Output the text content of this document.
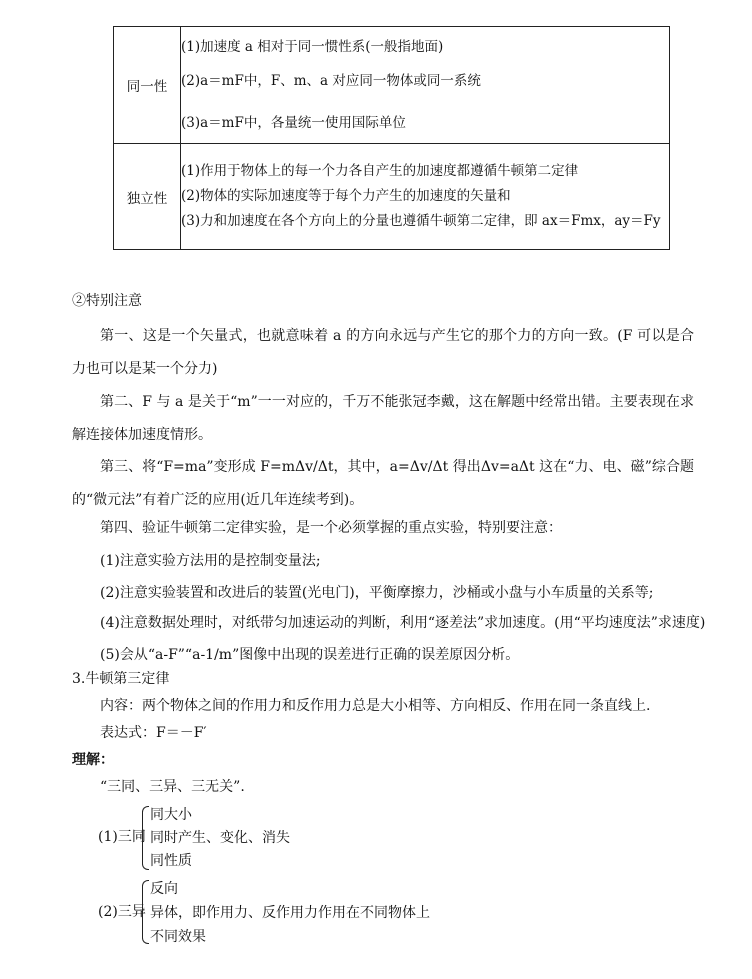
同一性	(1)加速度 a 相对于同一惯性系(一般指地面)
(2)a＝mF中，F、m、a 对应同一物体或同一系统
(3)a＝mF中，各量统一使用国际单位

独立性	(1)作用于物体上的每一个力各自产生的加速度都遵循牛顿第二定律
(2)物体的实际加速度等于每个力产生的加速度的矢量和
(3)力和加速度在各个方向上的分量也遵循牛顿第二定律，即 ax＝Fmx，ay＝Fy
②特别注意
第一、这是一个矢量式，也就意味着 a 的方向永远与产生它的那个力的方向一致。(F 可以是合力也可以是某一个分力)
第二、F 与 a 是关于“m”一一对应的，千万不能张冠李戴，这在解题中经常出错。主要表现在求解连接体加速度情形。
第三、将“F=ma”变形成 F=mΔv/Δt，其中，a=Δv/Δt 得出Δv=aΔt 这在“力、电、磁”综合题的“微元法”有着广泛的应用(近几年连续考到)。
第四、验证牛顿第二定律实验，是一个必须掌握的重点实验，特别要注意：
(1)注意实验方法用的是控制变量法;
(2)注意实验装置和改进后的装置(光电门)，平衡摩擦力，沙桶或小盘与小车质量的关系等;
(4)注意数据处理时，对纸带匀加速运动的判断，利用“逐差法”求加速度。(用“平均速度法”求速度)
(5)会从“a-F”“a-1/m”图像中出现的误差进行正确的误差原因分析。
3.牛顿第三定律
内容：两个物体之间的作用力和反作用力总是大小相等、方向相反、作用在同一条直线上.
表达式：F＝－F′
理解：
“三同、三异、三无关”.
(1)三同
同大小
同时产生、变化、消失
同性质
(2)三异
反向
异体，即作用力、反作用力作用在不同物体上
不同效果
